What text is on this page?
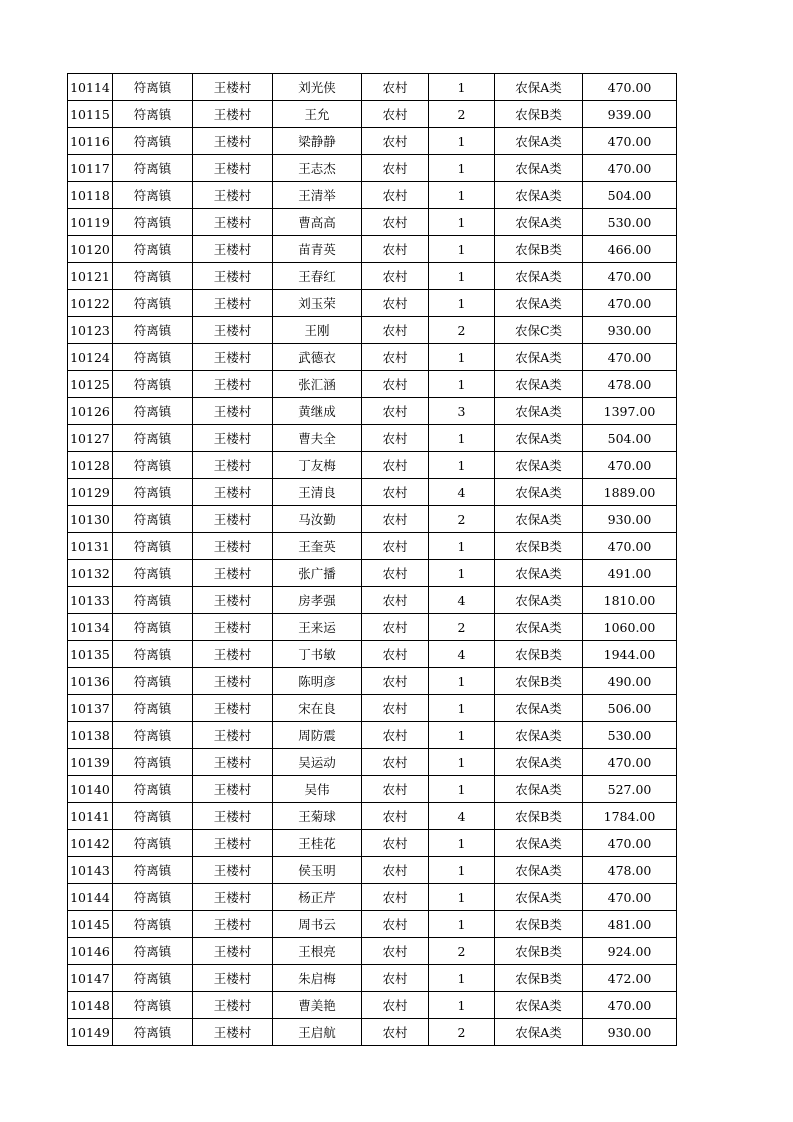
10114	符离镇	王楼村	刘光侠	农村	1	农保A类	470.00
10115	符离镇	王楼村	王允	农村	2	农保B类	939.00
10116	符离镇	王楼村	梁静静	农村	1	农保A类	470.00
10117	符离镇	王楼村	王志杰	农村	1	农保A类	470.00
10118	符离镇	王楼村	王清举	农村	1	农保A类	504.00
10119	符离镇	王楼村	曹高高	农村	1	农保A类	530.00
10120	符离镇	王楼村	苗青英	农村	1	农保B类	466.00
10121	符离镇	王楼村	王春红	农村	1	农保A类	470.00
10122	符离镇	王楼村	刘玉荣	农村	1	农保A类	470.00
10123	符离镇	王楼村	王刚	农村	2	农保C类	930.00
10124	符离镇	王楼村	武德衣	农村	1	农保A类	470.00
10125	符离镇	王楼村	张汇涵	农村	1	农保A类	478.00
10126	符离镇	王楼村	黄继成	农村	3	农保A类	1397.00
10127	符离镇	王楼村	曹夫全	农村	1	农保A类	504.00
10128	符离镇	王楼村	丁友梅	农村	1	农保A类	470.00
10129	符离镇	王楼村	王清良	农村	4	农保A类	1889.00
10130	符离镇	王楼村	马汝勤	农村	2	农保A类	930.00
10131	符离镇	王楼村	王奎英	农村	1	农保B类	470.00
10132	符离镇	王楼村	张广播	农村	1	农保A类	491.00
10133	符离镇	王楼村	房孝强	农村	4	农保A类	1810.00
10134	符离镇	王楼村	王来运	农村	2	农保A类	1060.00
10135	符离镇	王楼村	丁书敏	农村	4	农保B类	1944.00
10136	符离镇	王楼村	陈明彦	农村	1	农保B类	490.00
10137	符离镇	王楼村	宋在良	农村	1	农保A类	506.00
10138	符离镇	王楼村	周防震	农村	1	农保A类	530.00
10139	符离镇	王楼村	吴运动	农村	1	农保A类	470.00
10140	符离镇	王楼村	吴伟	农村	1	农保A类	527.00
10141	符离镇	王楼村	王菊球	农村	4	农保B类	1784.00
10142	符离镇	王楼村	王桂花	农村	1	农保A类	470.00
10143	符离镇	王楼村	侯玉明	农村	1	农保A类	478.00
10144	符离镇	王楼村	杨正芹	农村	1	农保A类	470.00
10145	符离镇	王楼村	周书云	农村	1	农保B类	481.00
10146	符离镇	王楼村	王根亮	农村	2	农保B类	924.00
10147	符离镇	王楼村	朱启梅	农村	1	农保B类	472.00
10148	符离镇	王楼村	曹美艳	农村	1	农保A类	470.00
10149	符离镇	王楼村	王启航	农村	2	农保A类	930.00
